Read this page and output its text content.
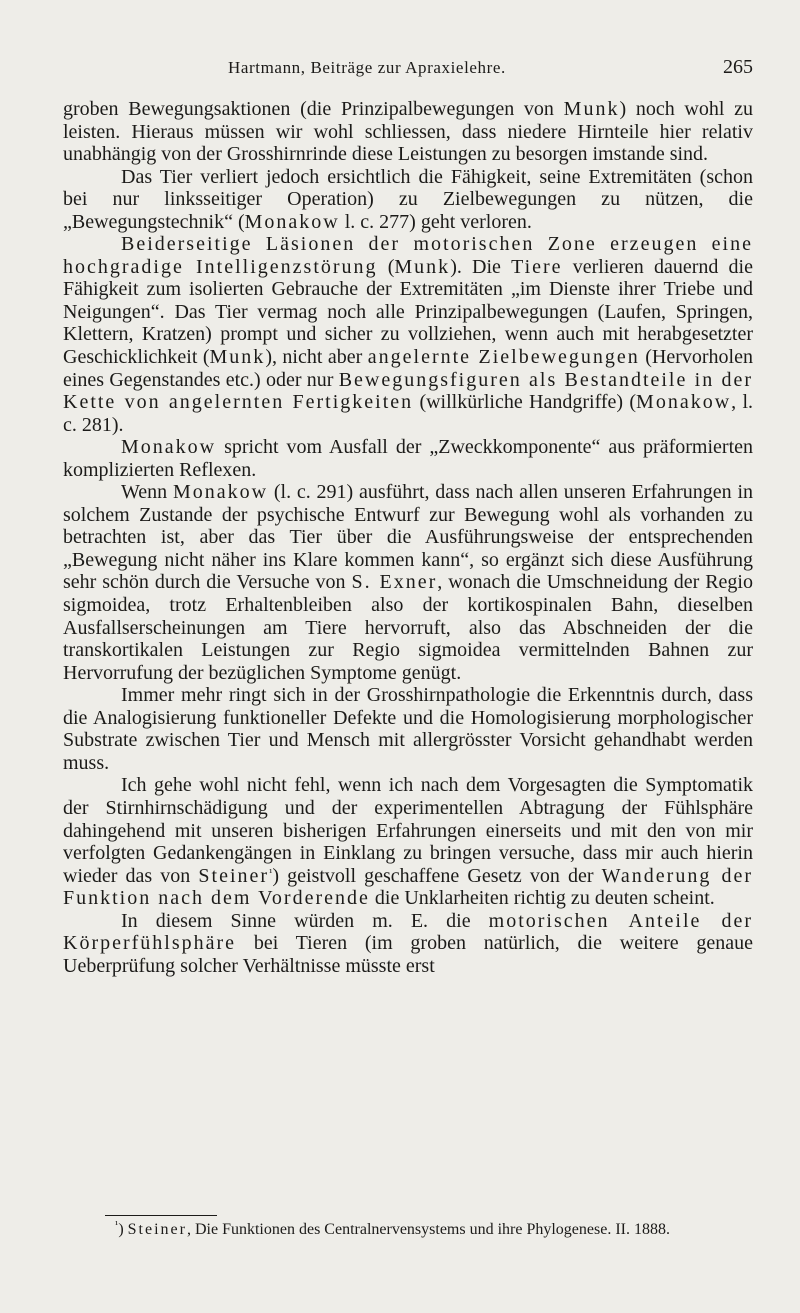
Hartmann, Beiträge zur Apraxielehre.	265

groben Bewegungsaktionen (die Prinzipalbewegungen von Munk) noch wohl zu leisten. Hieraus müssen wir wohl schliessen, dass niedere Hirnteile hier relativ unabhängig von der Grosshirnrinde diese Leistungen zu besorgen imstande sind.

Das Tier verliert jedoch ersichtlich die Fähigkeit, seine Extremitäten (schon bei nur linksseitiger Operation) zu Zielbewegungen zu nützen, die „Bewegungstechnik“ (Monakow l. c. 277) geht verloren.

Beiderseitige Läsionen der motorischen Zone erzeugen eine hochgradige Intelligenzstörung (Munk). Die Tiere verlieren dauernd die Fähigkeit zum isolierten Gebrauche der Extremitäten „im Dienste ihrer Triebe und Neigungen“. Das Tier vermag noch alle Prinzipalbewegungen (Laufen, Springen, Klettern, Kratzen) prompt und sicher zu vollziehen, wenn auch mit herabgesetzter Geschicklichkeit (Munk), nicht aber angelernte Zielbewegungen (Hervorholen eines Gegenstandes etc.) oder nur Bewegungsfiguren als Bestandteile in der Kette von angelernten Fertigkeiten (willkürliche Handgriffe) (Monakow, l. c. 281).

Monakow spricht vom Ausfall der „Zweckkomponente“ aus präformierten komplizierten Reflexen.

Wenn Monakow (l. c. 291) ausführt, dass nach allen unseren Erfahrungen in solchem Zustande der psychische Entwurf zur Bewegung wohl als vorhanden zu betrachten ist, aber das Tier über die Ausführungsweise der entsprechenden „Bewegung nicht näher ins Klare kommen kann“, so ergänzt sich diese Ausführung sehr schön durch die Versuche von S. Exner, wonach die Umschneidung der Regio sigmoidea, trotz Erhaltenbleiben also der kortikospinalen Bahn, dieselben Ausfallserscheinungen am Tiere hervorruft, also das Abschneiden der die transkortikalen Leistungen zur Regio sigmoidea vermittelnden Bahnen zur Hervorrufung der bezüglichen Symptome genügt.

Immer mehr ringt sich in der Grosshirnpathologie die Erkenntnis durch, dass die Analogisierung funktioneller Defekte und die Homologisierung morphologischer Substrate zwischen Tier und Mensch mit allergrösster Vorsicht gehandhabt werden muss.

Ich gehe wohl nicht fehl, wenn ich nach dem Vorgesagten die Symptomatik der Stirnhirnschädigung und der experimentellen Abtragung der Fühlsphäre dahingehend mit unseren bisherigen Erfahrungen einerseits und mit den von mir verfolgten Gedankengängen in Einklang zu bringen versuche, dass mir auch hierin wieder das von Steiner$^{^1}$) geistvoll geschaffene Gesetz von der Wanderung der Funktion nach dem Vorderende die Unklarheiten richtig zu deuten scheint.

In diesem Sinne würden m. E. die motorischen Anteile der Körperfühlsphäre bei Tieren (im groben natürlich, die weitere genaue Ueberprüfung solcher Verhältnisse müsste erst

$^{^1}$) Steiner, Die Funktionen des Centralnervensystems und ihre Phylogenese. II. 1888.
